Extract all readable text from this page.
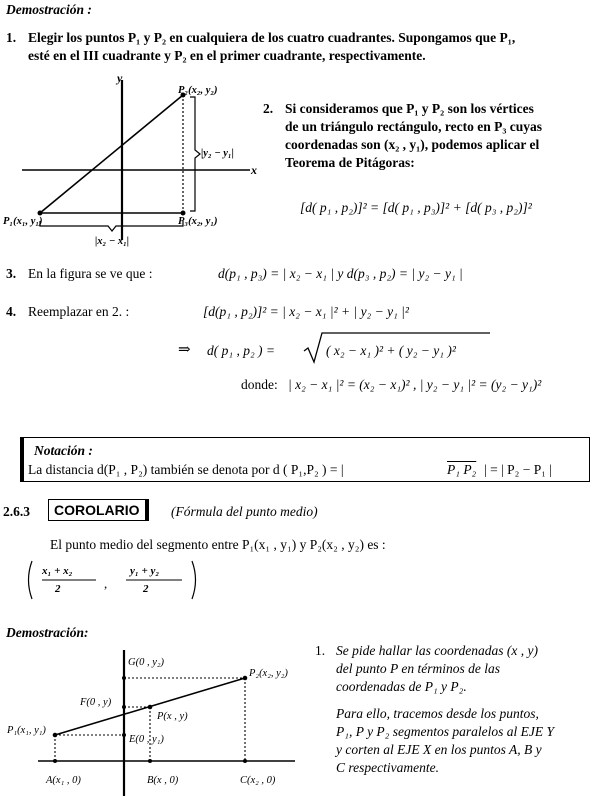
Demostración :
1. Elegir los puntos P₁ y P₂ en cualquiera de los cuatro cuadrantes. Supongamos que P₁,
esté en el III cuadrante y P₂ en el primer cuadrante, respectivamente.
y
x
P₂(x₂, y₂)
P₁(x₁, y₁)	P₃(x₂, y₁)
|y₂ − y₁|
|x₂ − x₁|
2. Si consideramos que P₁ y P₂ son los vértices
de un triángulo rectángulo, recto en P₃ cuyas
coordenadas son (x₂ , y₁), podemos aplicar el
Teorema de Pitágoras:
[d( p₁ , p₂)]² = [d( p₁ , p₃)]² + [d( p₃ , p₂)]²
3. En la figura se ve que :	d(p₁ , p₃) = | x₂ − x₁ | y d(p₃ , p₂) = | y₂ − y₁ |
4. Reemplazar en 2. :	[d(p₁ , p₂)]² = | x₂ − x₁ |² + | y₂ − y₁ |²
⇒ d( p₁ , p₂ ) =	( x₂ − x₁ )² + ( y₂ − y₁ )²
donde: | x₂ − x₁ |² = (x₂ − x₁)² , | y₂ − y₁ |² = (y₂ − y₁)²
Notación :
La distancia d(P₁ , P₂) también se denota por d ( P₁,P₂ ) = |	P₁ P₂ | = | P₂ − P₁ |
2.6.3	COROLARIO	(Fórmula del punto medio)
El punto medio del segmento entre P₁(x₁ , y₁) y P₂(x₂ , y₂) es :
x₁ + x₂
2	,
y₁ + y₂
2
Demostración:
G(0 , y₂)
P₂(x₂, y₂)
F(0 , y)
P(x , y)
P₁(x₁, y₁)
E(0 , y₁)
A(x₁ , 0)	B(x , 0)	C(x₂ , 0)
1. Se pide hallar las coordenadas (x , y)
del punto P en términos de las
coordenadas de P₁ y P₂.
Para ello, tracemos desde los puntos,
P₁, P y P₂ segmentos paralelos al EJE Y
y corten al EJE X en los puntos A, B y
C respectivamente.
